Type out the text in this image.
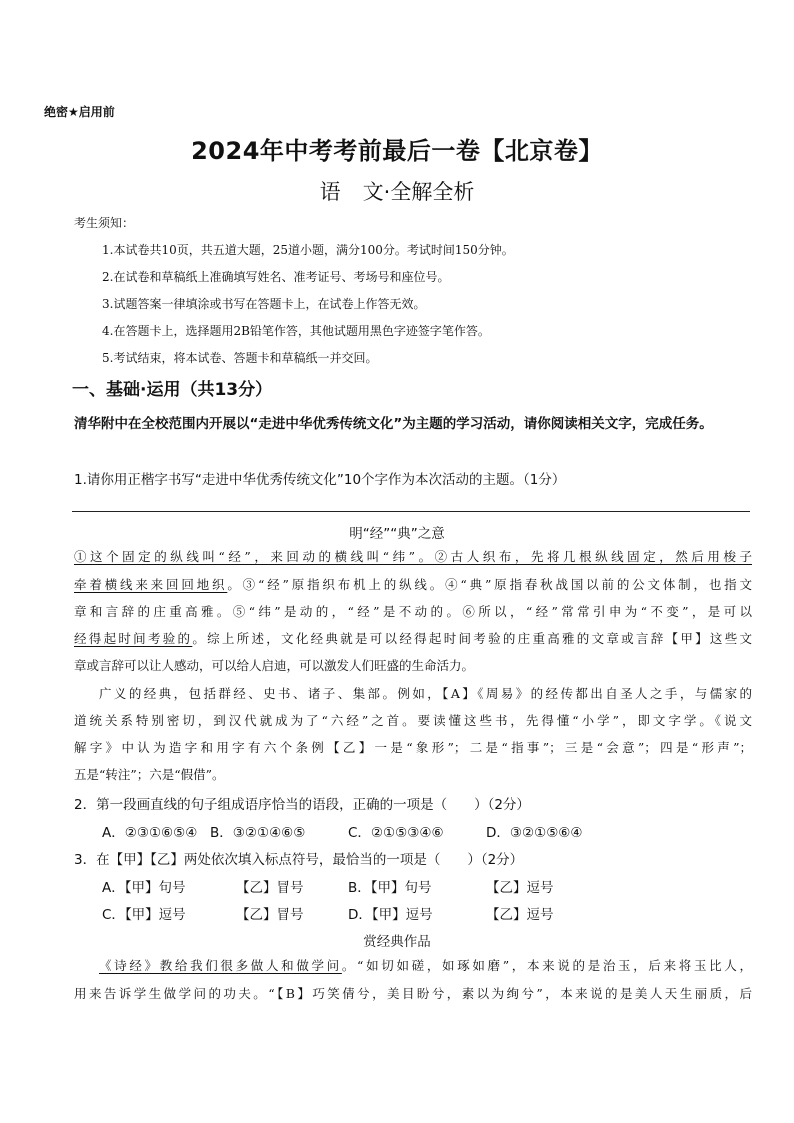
绝密★启用前
2024年中考考前最后一卷【北京卷】
语 文·全解全析
考生须知：
1.本试卷共10页，共五道大题，25道小题，满分100分。考试时间150分钟。
2.在试卷和草稿纸上准确填写姓名、准考证号、考场号和座位号。
3.试题答案一律填涂或书写在答题卡上，在试卷上作答无效。
4.在答题卡上，选择题用2B铅笔作答，其他试题用黑色字迹签字笔作答。
5.考试结束，将本试卷、答题卡和草稿纸一并交回。
一、基础·运用（共13分）
清华附中在全校范围内开展以“走进中华优秀传统文化”为主题的学习活动，请你阅读相关文字，完成任务。
1.请你用正楷字书写“走进中华优秀传统文化”10个字作为本次活动的主题。（1分）
明“经”“典”之意
①这个固定的纵线叫“经”，来回动的横线叫“纬”。②古人织布，先将几根纵线固定，然后用梭子
牵着横线来来回回地织。③“经”原指织布机上的纵线。④“典”原指春秋战国以前的公文体制，也指文
章和言辞的庄重高雅。⑤“纬”是动的，“经”是不动的。⑥所以，“经”常常引申为“不变”，是可以
经得起时间考验的。综上所述，文化经典就是可以经得起时间考验的庄重高雅的文章或言辞【甲】这些文
章或言辞可以让人感动，可以给人启迪，可以激发人们旺盛的生命活力。
广义的经典，包括群经、史书、诸子、集部。例如，【A】《周易》的经传都出自圣人之手，与儒家的
道统关系特别密切，到汉代就成为了“六经”之首。要读懂这些书，先得懂“小学”，即文字学。《说文
解字》中认为造字和用字有六个条例【乙】一是“象形”；二是“指事”；三是“会意”；四是“形声”；
五是“转注”；六是“假借”。
2．第一段画直线的句子组成语序恰当的语段，正确的一项是（　　）（2分）
A．②③①⑥⑤④ B．③②①④⑥⑤	C．②①⑤③④⑥	D．③②①⑤⑥④
3．在【甲】【乙】两处依次填入标点符号，最恰当的一项是（　　）（2分）
A．【甲】句号	【乙】冒号	B．【甲】句号	【乙】逗号
C．【甲】逗号	【乙】冒号	D．【甲】逗号	【乙】逗号
赏经典作品
《诗经》教给我们很多做人和做学问。“如切如磋，如琢如磨”，本来说的是治玉，后来将玉比人，
用来告诉学生做学问的功夫。“【B】巧笑倩兮，美目盼兮，素以为绚兮”，本来说的是美人天生丽质，后
